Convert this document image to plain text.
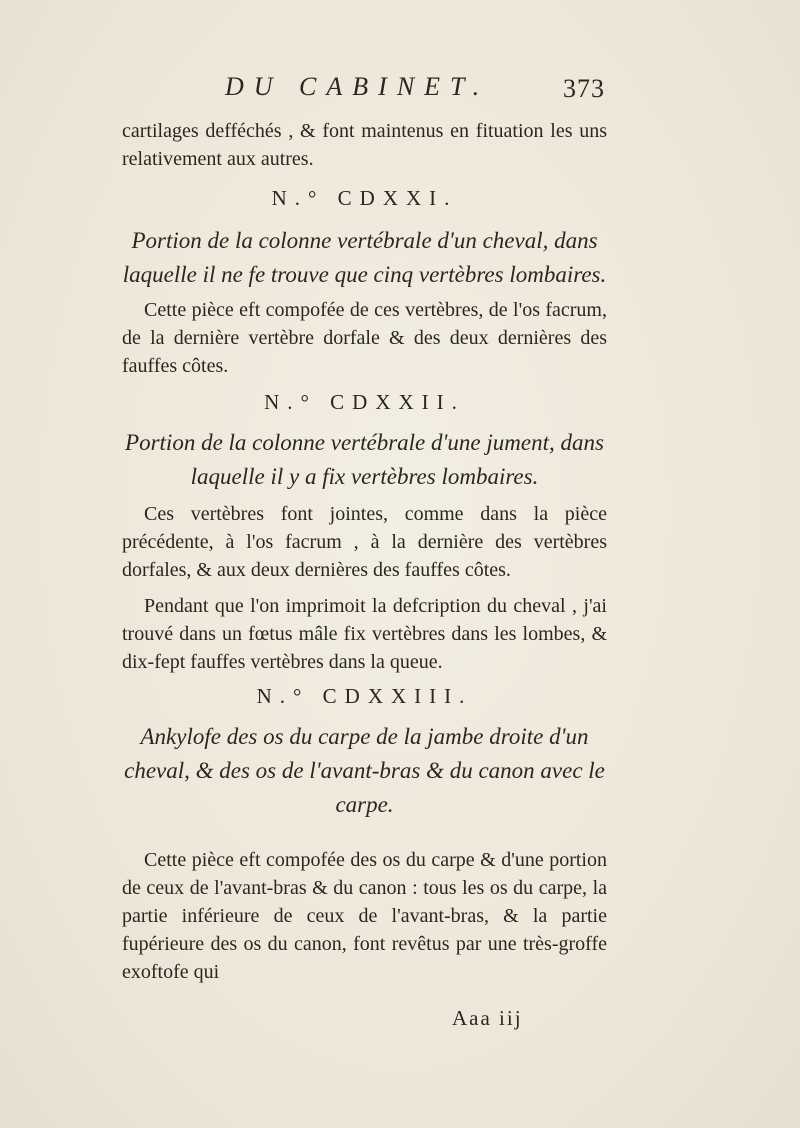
DU CABINET.	373

cartilages defféchés , & font maintenus en fituation les uns relativement aux autres.

N.° CDXXI.

Portion de la colonne vertébrale d'un cheval, dans laquelle il ne fe trouve que cinq vertèbres lombaires.

Cette pièce eft compofée de ces vertèbres, de l'os facrum, de la dernière vertèbre dorfale & des deux dernières des fauffes côtes.

N.° CDXXII.

Portion de la colonne vertébrale d'une jument, dans laquelle il y a fix vertèbres lombaires.

Ces vertèbres font jointes, comme dans la pièce précédente, à l'os facrum , à la dernière des vertèbres dorfales, & aux deux dernières des fauffes côtes.

Pendant que l'on imprimoit la defcription du cheval , j'ai trouvé dans un fœtus mâle fix vertèbres dans les lombes, & dix-fept fauffes vertèbres dans la queue.

N.° CDXXIII.

Ankylofe des os du carpe de la jambe droite d'un cheval, & des os de l'avant-bras & du canon avec le carpe.

Cette pièce eft compofée des os du carpe & d'une portion de ceux de l'avant-bras & du canon : tous les os du carpe, la partie inférieure de ceux de l'avant-bras, & la partie fupérieure des os du canon, font revêtus par une très-groffe exoftofe qui

Aaa iij
